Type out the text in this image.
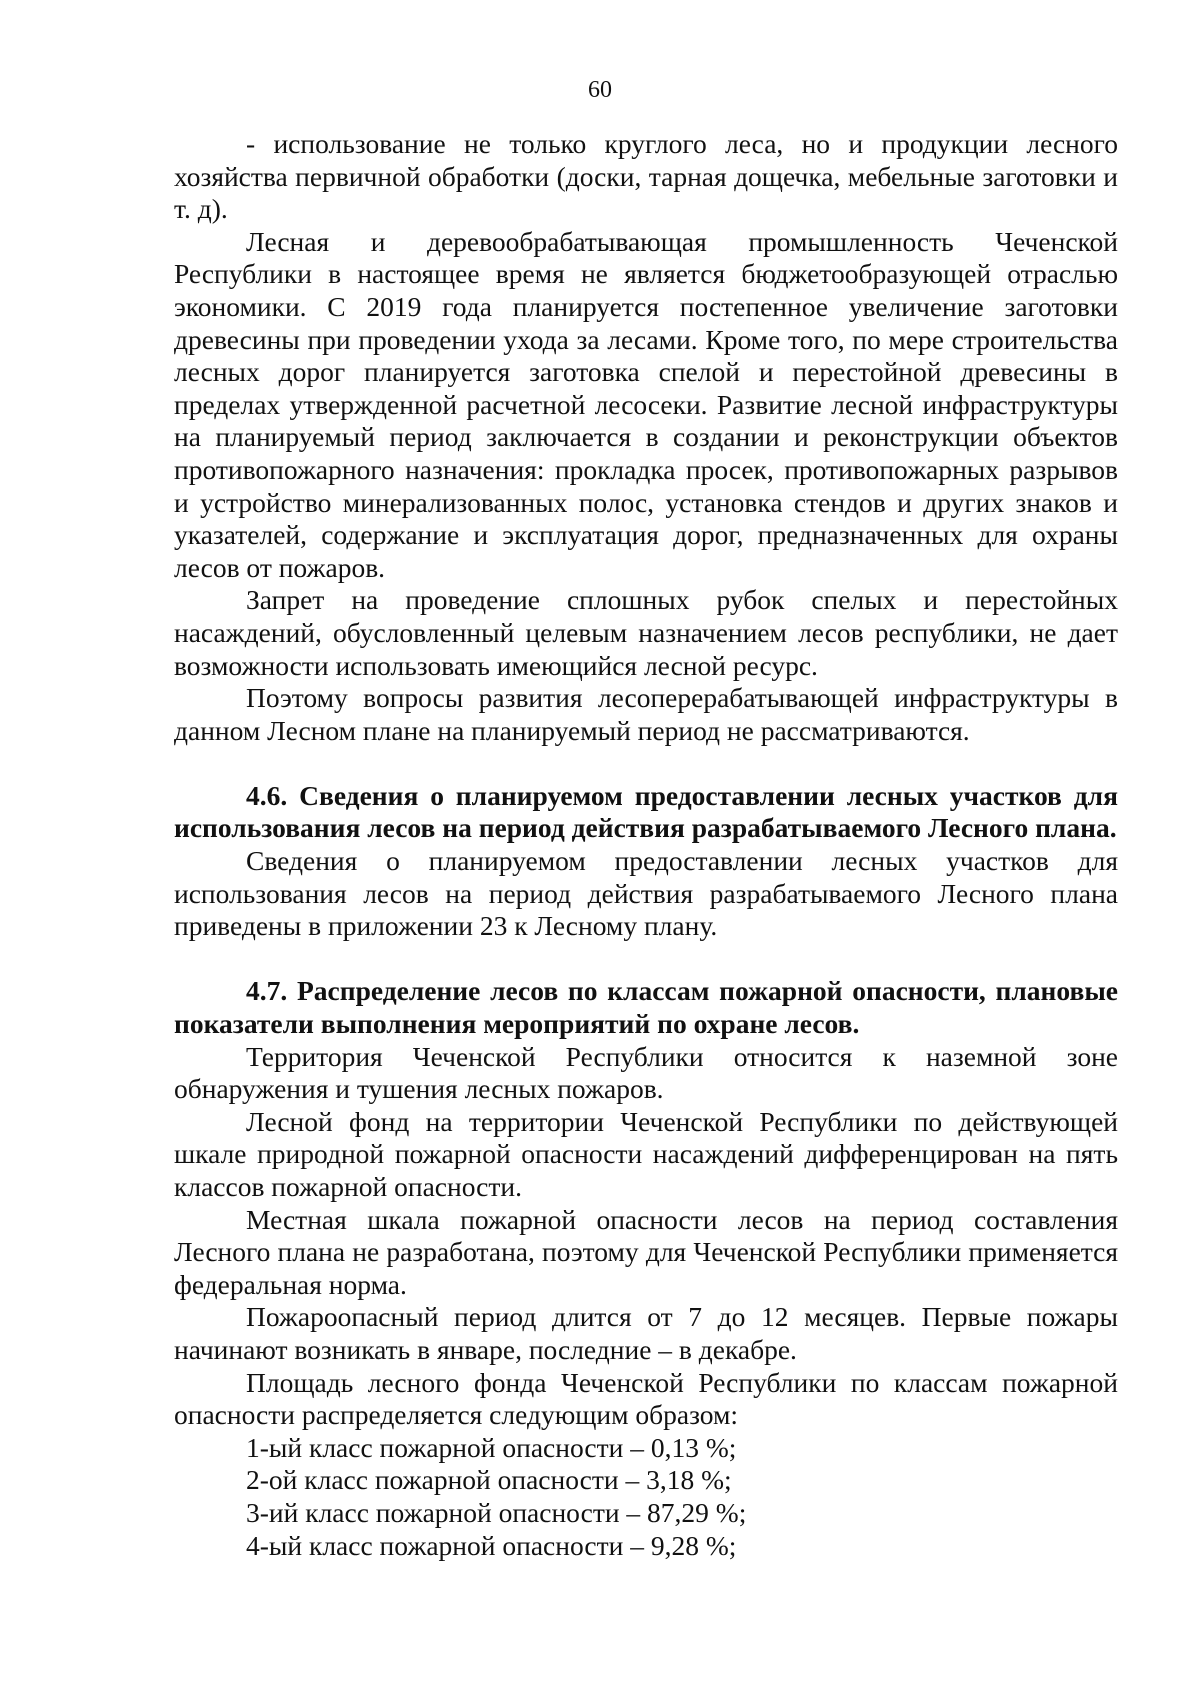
60

- использование не только круглого леса, но и продукции лесного хозяйства первичной обработки (доски, тарная дощечка, мебельные заготовки и т. д).

Лесная и деревообрабатывающая промышленность Чеченской Республики в настоящее время не является бюджетообразующей отраслью экономики. С 2019 года планируется постепенное увеличение заготовки древесины при проведении ухода за лесами. Кроме того, по мере строительства лесных дорог планируется заготовка спелой и перестойной древесины в пределах утвержденной расчетной лесосеки. Развитие лесной инфраструктуры на планируемый период заключается в создании и реконструкции объектов противопожарного назначения: прокладка просек, противопожарных разрывов и устройство минерализованных полос, установка стендов и других знаков и указателей, содержание и эксплуатация дорог, предназначенных для охраны лесов от пожаров.

Запрет на проведение сплошных рубок спелых и перестойных насаждений, обусловленный целевым назначением лесов республики, не дает возможности использовать имеющийся лесной ресурс.

Поэтому вопросы развития лесоперерабатывающей инфраструктуры в данном Лесном плане на планируемый период не рассматриваются.

4.6. Сведения о планируемом предоставлении лесных участков для использования лесов на период действия разрабатываемого Лесного плана.

Сведения о планируемом предоставлении лесных участков для использования лесов на период действия разрабатываемого Лесного плана приведены в приложении 23 к Лесному плану.

4.7. Распределение лесов по классам пожарной опасности, плановые показатели выполнения мероприятий по охране лесов.

Территория Чеченской Республики относится к наземной зоне обнаружения и тушения лесных пожаров.

Лесной фонд на территории Чеченской Республики по действующей шкале природной пожарной опасности насаждений дифференцирован на пять классов пожарной опасности.

Местная шкала пожарной опасности лесов на период составления Лесного плана не разработана, поэтому для Чеченской Республики применяется федеральная норма.

Пожароопасный период длится от 7 до 12 месяцев. Первые пожары начинают возникать в январе, последние – в декабре.

Площадь лесного фонда Чеченской Республики по классам пожарной опасности распределяется следующим образом:

1-ый класс пожарной опасности – 0,13 %;
2-ой класс пожарной опасности – 3,18 %;
3-ий класс пожарной опасности – 87,29 %;
4-ый класс пожарной опасности – 9,28 %;
